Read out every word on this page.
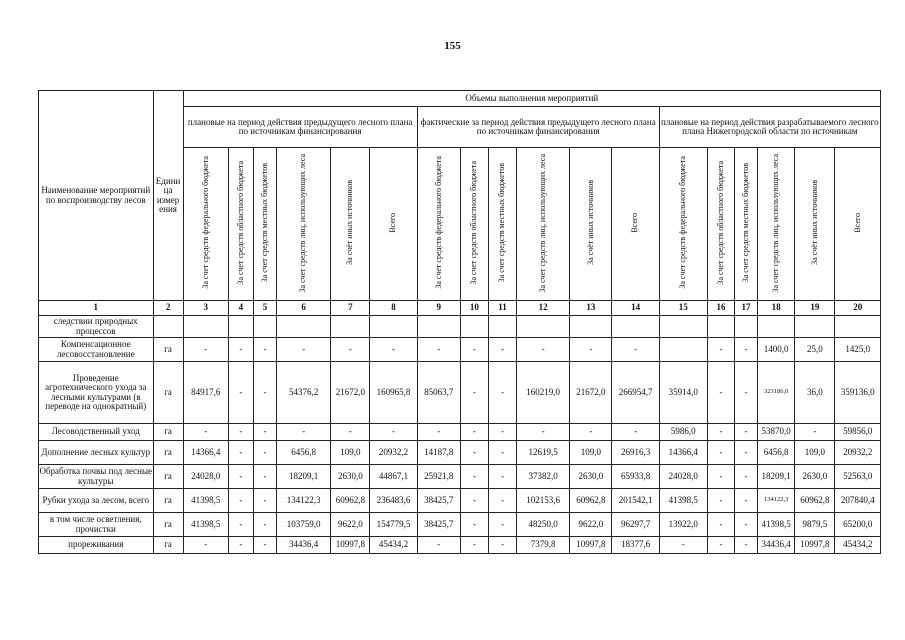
155
Наименование мероприятий по воспроизводству лесов	Едини ца измер ения	Объемы выполнения мероприятий																	
		плановые на период действия предыдущего лесного плана по источникам финансирования						фактические за период действия предыдущего лесного плана по источникам финансирования						плановые на период действия разрабатываемого лесного плана Нижегородской области по источникам					
		За счет средств федерального бюджета	За счет средств областного бюджета	За счет средств местных бюджетов	За счет средств лиц, использующих леса	За счёт иных источников	Всего	За счет средств федерального бюджета	За счет средств областного бюджета	За счет средств местных бюджетов	За счет средств лиц, использующих леса	За счёт иных источников	Всего	За счет средств федерального бюджета	За счет средств областного бюджета	За счет средств местных бюджетов	За счет средств лиц, использующих леса	За счёт иных источников	Всего
1	2	3	4	5	6	7	8	9	10	11	12	13	14	15	16	17	18	19	20
следствии природных процессов																			
Компенсационное лесовосстановление	га	-	-	-	-	-	-	-	-	-	-	-	-		-	-	1400,0	25,0	1425,0
Проведение агротехнического ухода за лесными культурами (в переводе на однократный)	га	84917,6	-	-	54376,2	21672,0	160965,8	85063,7	-	-	160219,0	21672,0	266954,7	35914,0	-	-	323186,0	36,0	359136,0
Лесоводственный уход	га	-	-	-	-	-	-	-	-	-	-	-	-	5986,0	-	-	53870,0	-	59856,0
Дополнение лесных культур	га	14366,4	-	-	6456,8	109,0	20932,2	14187,8	-	-	12619,5	109,0	26916,3	14366,4	-	-	6456,8	109,0	20932,2
Обработка почвы под лесные культуры	га	24028,0	-	-	18209,1	2630,0	44867,1	25921,8	-	-	37382,0	2630,0	65933,8	24028,0	-	-	18209,1	2630,0	52563,0
Рубки ухода за лесом, всего	га	41398,5	-	-	134122,3	60962,8	236483,6	38425,7	-	-	102153,6	60962,8	201542,1	41398,5	-	-	134122,3	60962,8	207840,4
в том числе осветления, прочистки	га	41398,5	-	-	103759,0	9622,0	154779,5	38425,7	-	-	48250,0	9622,0	96297,7	13922,0	-	-	41398,5	9879,5	65200,0
прореживания	га	-	-	-	34436,4	10997,8	45434,2	-	-	-	7379,8	10997,8	18377,6	-	-	-	34436,4	10997,8	45434,2
